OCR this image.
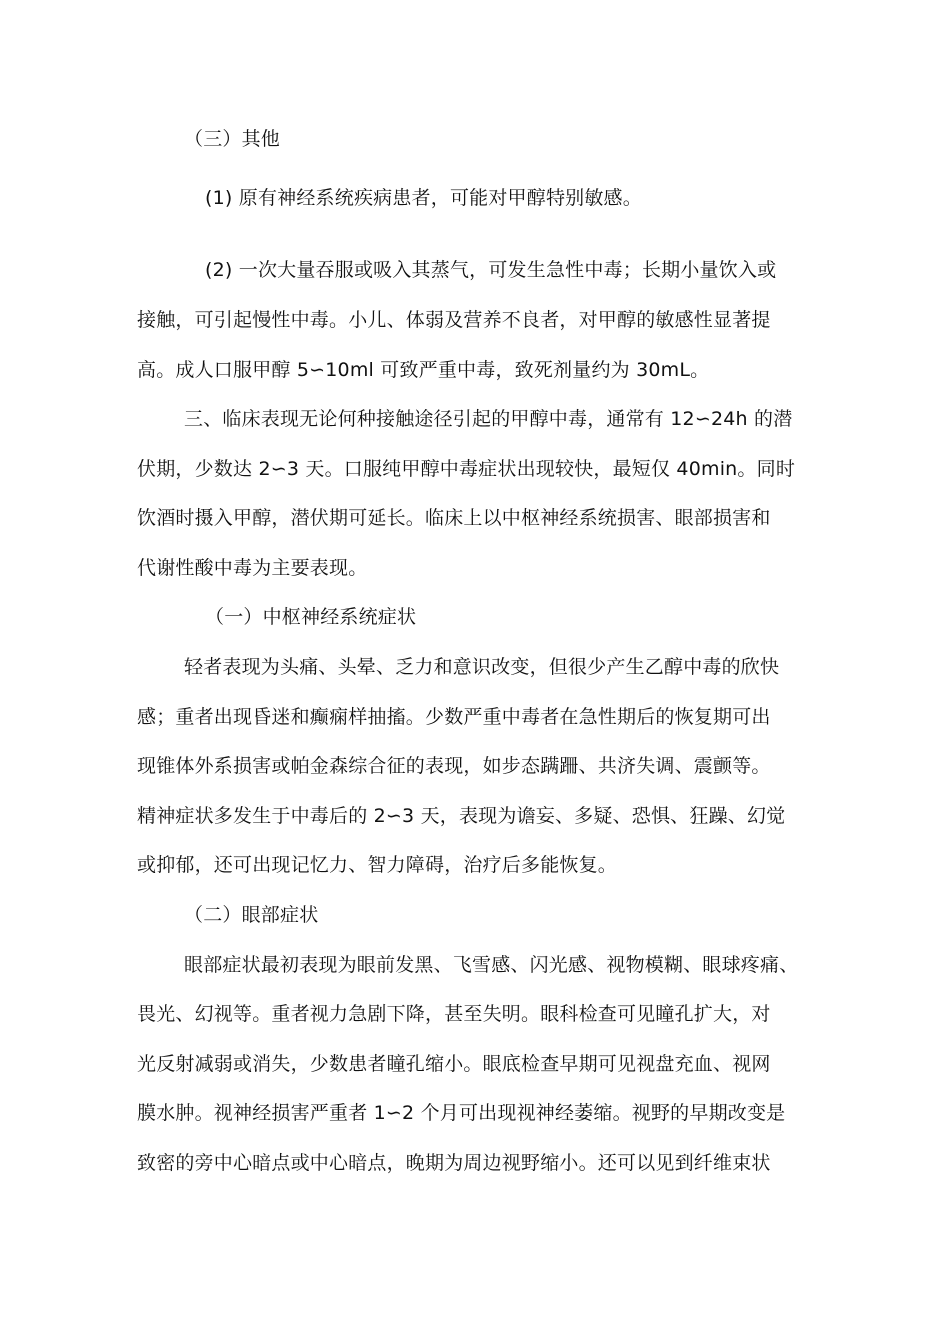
（三）其他
(1) 原有神经系统疾病患者，可能对甲醇特别敏感。
(2) 一次大量吞服或吸入其蒸气，可发生急性中毒；长期小量饮入或
接触，可引起慢性中毒。小儿、体弱及营养不良者，对甲醇的敏感性显著提
高。成人口服甲醇 5∽10ml 可致严重中毒，致死剂量约为 30mL。
三、临床表现无论何种接触途径引起的甲醇中毒，通常有 12∽24h 的潜
伏期，少数达 2∽3 天。口服纯甲醇中毒症状出现较快，最短仅 40min。同时
饮酒时摄入甲醇，潜伏期可延长。临床上以中枢神经系统损害、眼部损害和
代谢性酸中毒为主要表现。
（一）中枢神经系统症状
轻者表现为头痛、头晕、乏力和意识改变，但很少产生乙醇中毒的欣快
感；重者出现昏迷和癫痫样抽搐。少数严重中毒者在急性期后的恢复期可出
现锥体外系损害或帕金森综合征的表现，如步态蹒跚、共济失调、震颤等。
精神症状多发生于中毒后的 2∽3 天，表现为谵妄、多疑、恐惧、狂躁、幻觉
或抑郁，还可出现记忆力、智力障碍，治疗后多能恢复。
（二）眼部症状
眼部症状最初表现为眼前发黑、飞雪感、闪光感、视物模糊、眼球疼痛、
畏光、幻视等。重者视力急剧下降，甚至失明。眼科检查可见瞳孔扩大，对
光反射减弱或消失，少数患者瞳孔缩小。眼底检查早期可见视盘充血、视网
膜水肿。视神经损害严重者 1∽2 个月可出现视神经萎缩。视野的早期改变是
致密的旁中心暗点或中心暗点，晚期为周边视野缩小。还可以见到纤维束状
